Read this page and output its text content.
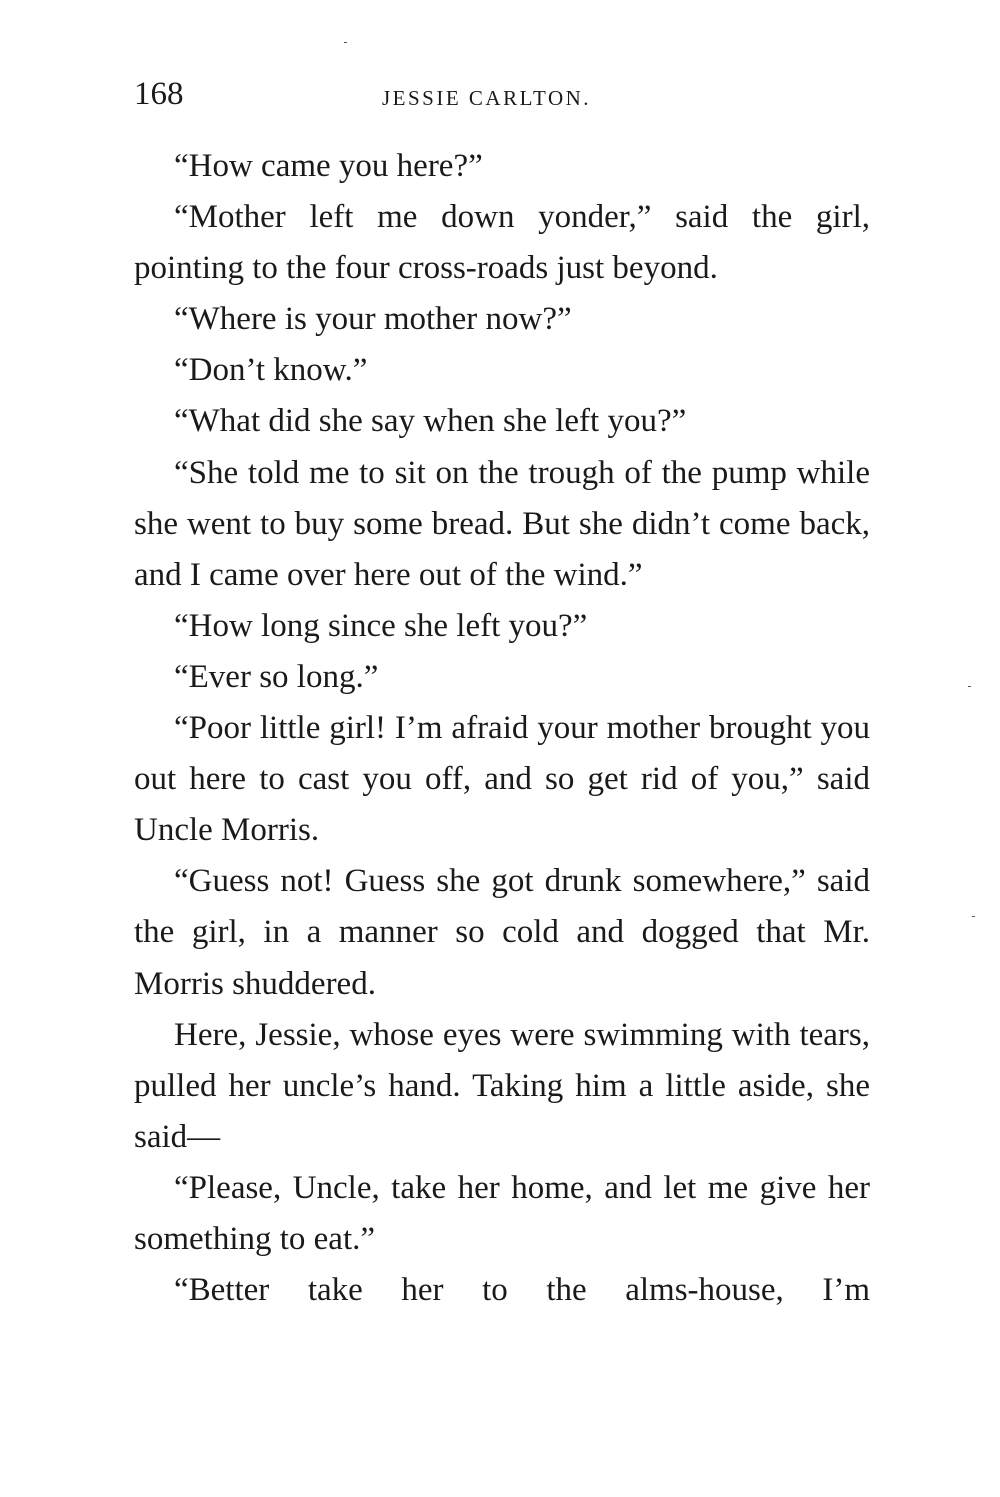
168	JESSIE CARLTON.

“How came you here?”

“Mother left me down yonder,” said the girl, pointing to the four cross-roads just beyond.

“Where is your mother now?”

“Don’t know.”

“What did she say when she left you?”

“She told me to sit on the trough of the pump while she went to buy some bread. But she didn’t come back, and I came over here out of the wind.”

“How long since she left you?”

“Ever so long.”

“Poor little girl! I’m afraid your mother brought you out here to cast you off, and so get rid of you,” said Uncle Morris.

“Guess not! Guess she got drunk somewhere,” said the girl, in a manner so cold and dogged that Mr. Morris shuddered.

Here, Jessie, whose eyes were swimming with tears, pulled her uncle’s hand. Taking him a little aside, she said—

“Please, Uncle, take her home, and let me give her something to eat.”

“Better take her to the alms-house, I’m
